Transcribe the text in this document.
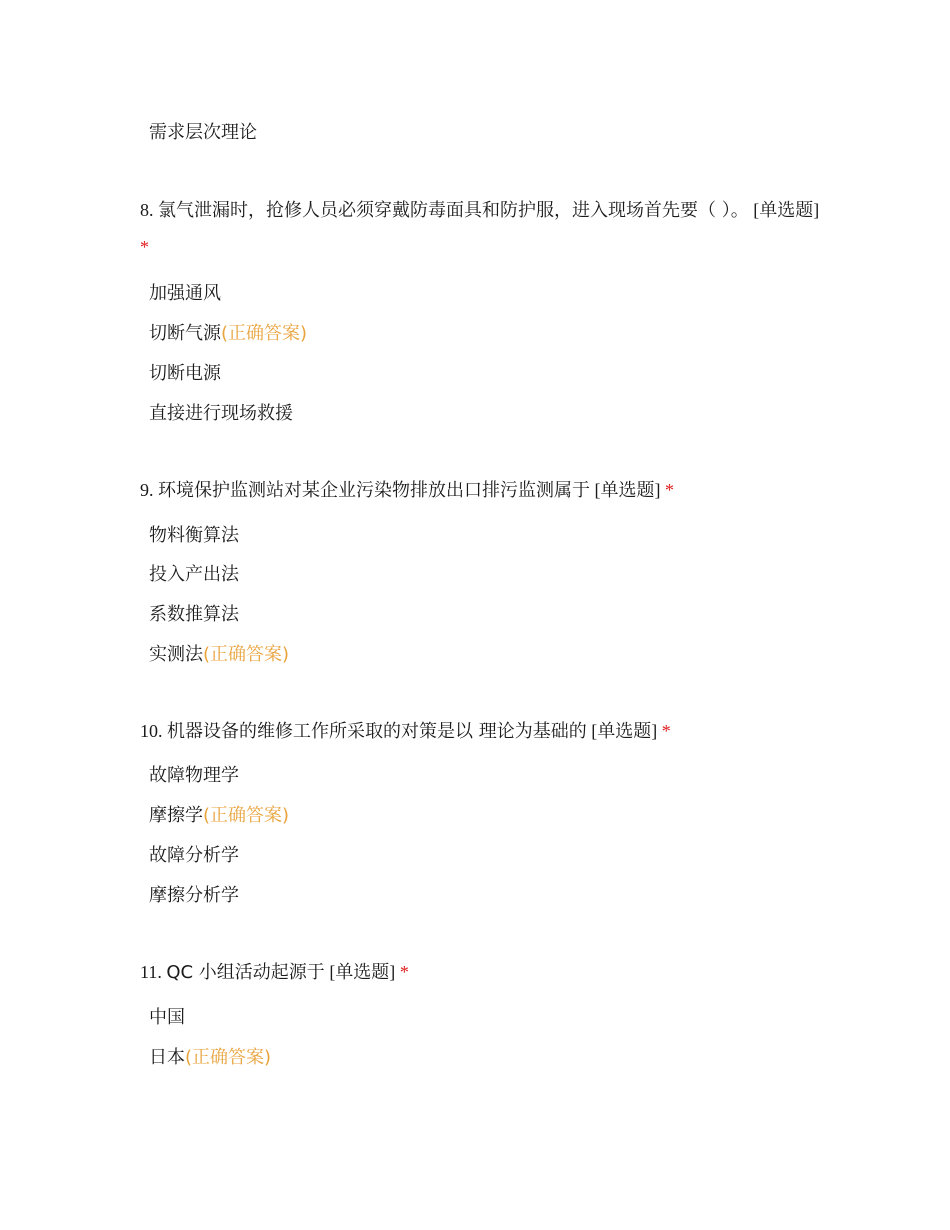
需求层次理论
8. 氯气泄漏时，抢修人员必须穿戴防毒面具和防护服，进入现场首先要（ ）。 [单选题] *
加强通风
切断气源(正确答案)
切断电源
直接进行现场救援
9. 环境保护监测站对某企业污染物排放出口排污监测属于 [单选题] *
物料衡算法
投入产出法
系数推算法
实测法(正确答案)
10. 机器设备的维修工作所采取的对策是以 理论为基础的 [单选题] *
故障物理学
摩擦学(正确答案)
故障分析学
摩擦分析学
11. QC 小组活动起源于 [单选题] *
中国
日本(正确答案)
